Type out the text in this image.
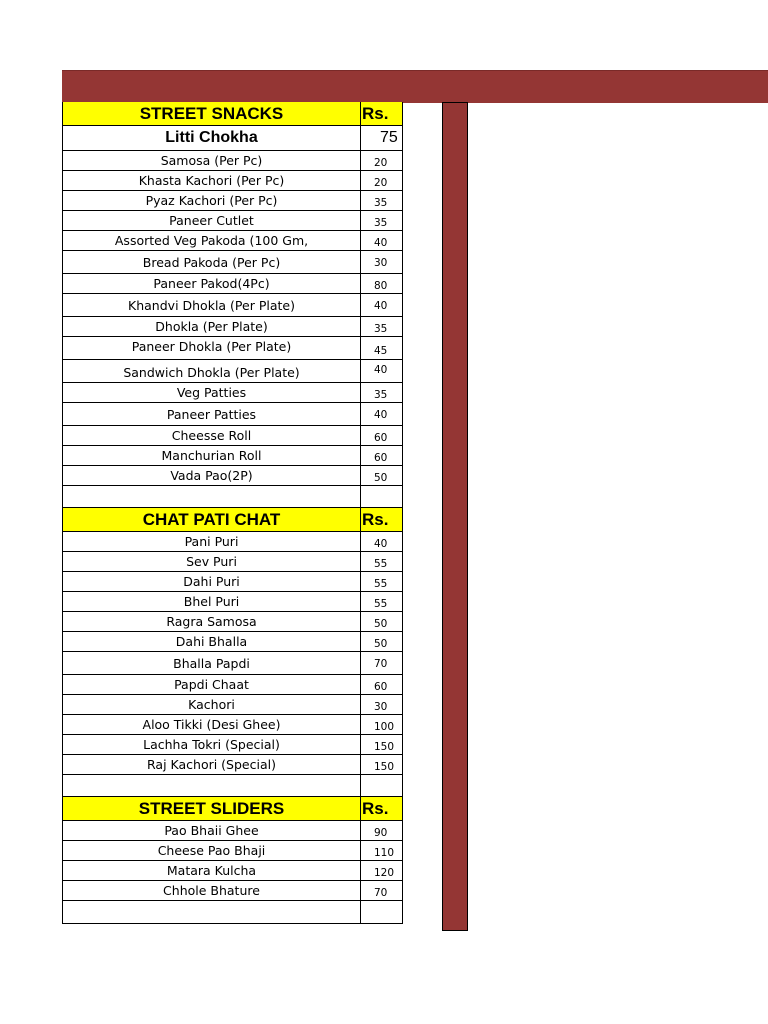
STREET SNACKS	Rs.
Litti Chokha	75
Samosa (Per Pc)	20
Khasta Kachori (Per Pc)	20
Pyaz Kachori (Per Pc)	35
Paneer Cutlet	35
Assorted Veg Pakoda (100 Gm,	40
Bread Pakoda (Per Pc)	30
Paneer Pakod(4Pc)	80
Khandvi Dhokla (Per Plate)	40
Dhokla (Per Plate)	35
Paneer Dhokla (Per Plate)	45
Sandwich Dhokla (Per Plate)	40
Veg Patties	35
Paneer Patties	40
Cheesse Roll	60
Manchurian Roll	60
Vada Pao(2P)	50
CHAT PATI CHAT	Rs.
Pani Puri	40
Sev Puri	55
Dahi Puri	55
Bhel Puri	55
Ragra Samosa	50
Dahi Bhalla	50
Bhalla Papdi	70
Papdi Chaat	60
Kachori	30
Aloo Tikki (Desi Ghee)	100
Lachha Tokri (Special)	150
Raj Kachori (Special)	150
STREET SLIDERS	Rs.
Pao Bhaii Ghee	90
Cheese Pao Bhaji	110
Matara Kulcha	120
Chhole Bhature	70
